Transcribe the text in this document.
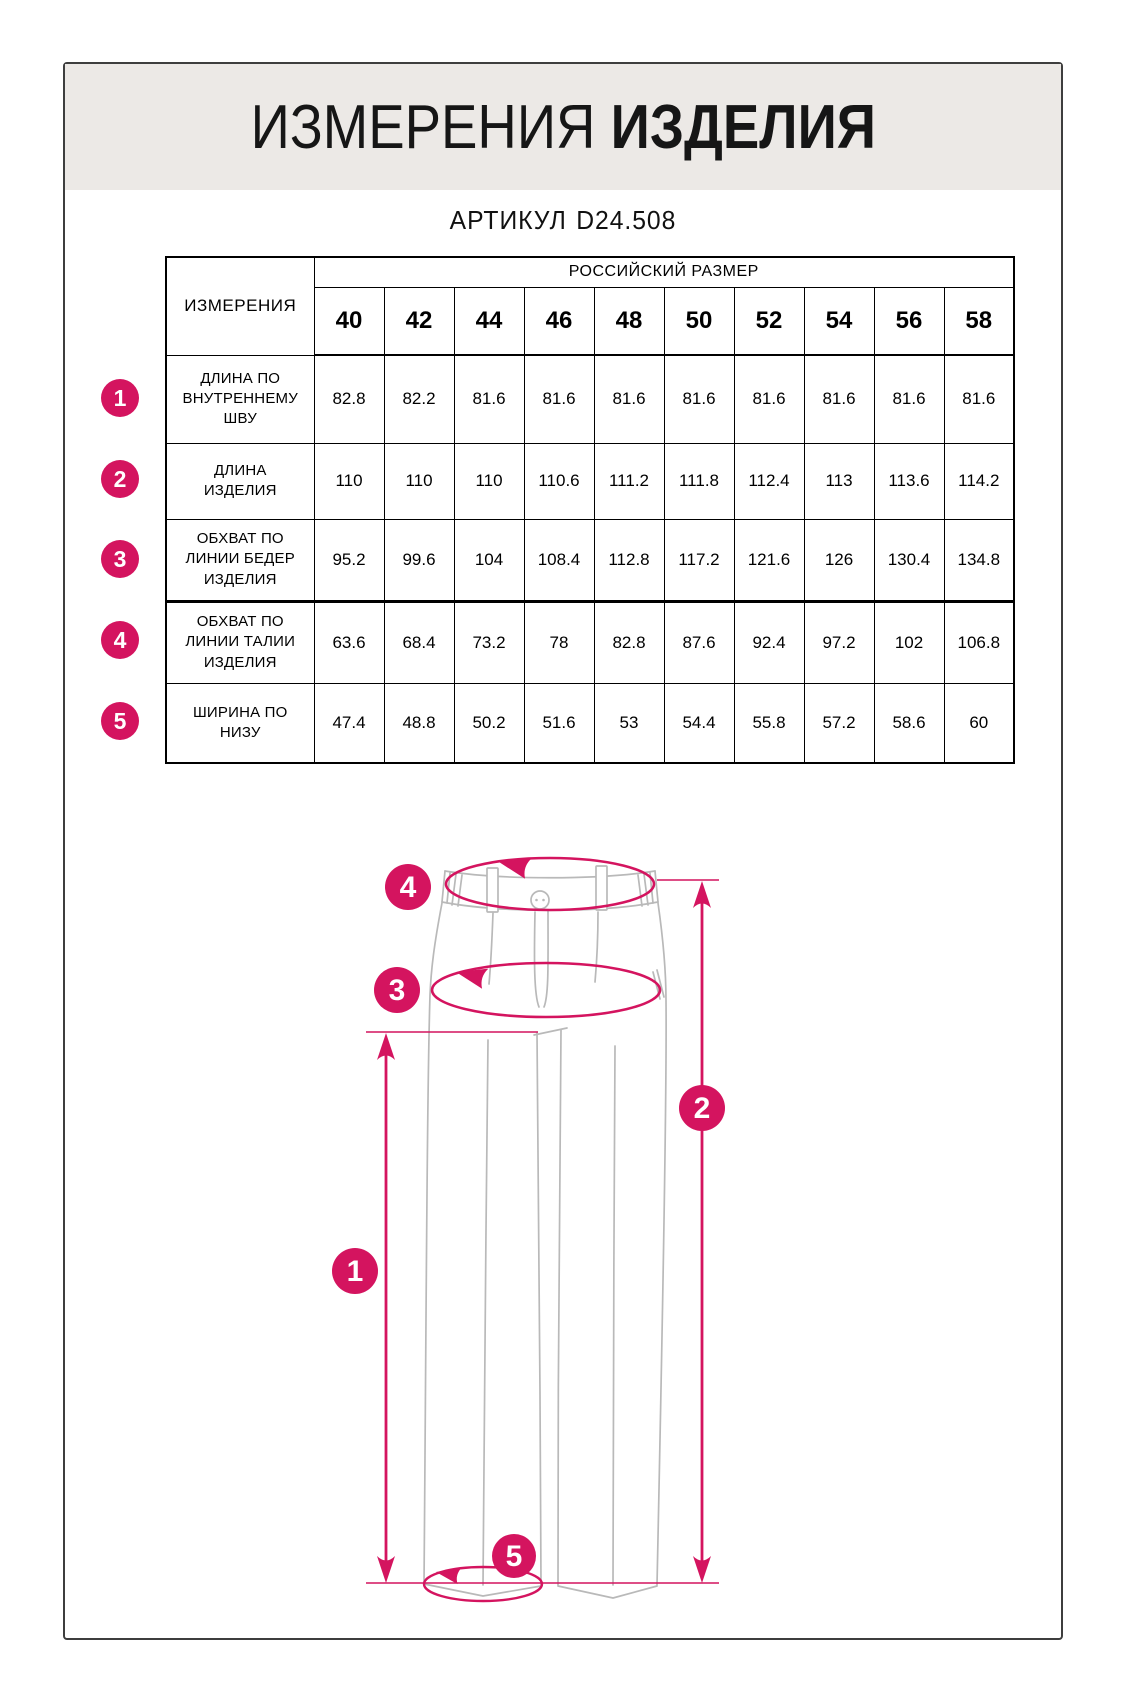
ИЗМЕРЕНИЯ ИЗДЕЛИЯ
АРТИКУЛ D24.508
ИЗМЕРЕНИЯ	РОССИЙСКИЙ РАЗМЕР									
	40	42	44	46	48	50	52	54	56	58
ДЛИНА ПО ВНУТРЕННЕМУ ШВУ	82.8	82.2	81.6	81.6	81.6	81.6	81.6	81.6	81.6	81.6
ДЛИНА ИЗДЕЛИЯ	110	110	110	110.6	111.2	111.8	112.4	113	113.6	114.2
ОБХВАТ ПО ЛИНИИ БЕДЕР ИЗДЕЛИЯ	95.2	99.6	104	108.4	112.8	117.2	121.6	126	130.4	134.8
ОБХВАТ ПО ЛИНИИ ТАЛИИ ИЗДЕЛИЯ	63.6	68.4	73.2	78	82.8	87.6	92.4	97.2	102	106.8
ШИРИНА ПО НИЗУ	47.4	48.8	50.2	51.6	53	54.4	55.8	57.2	58.6	60
1
2
3
4
5
4
3
2
1
5
